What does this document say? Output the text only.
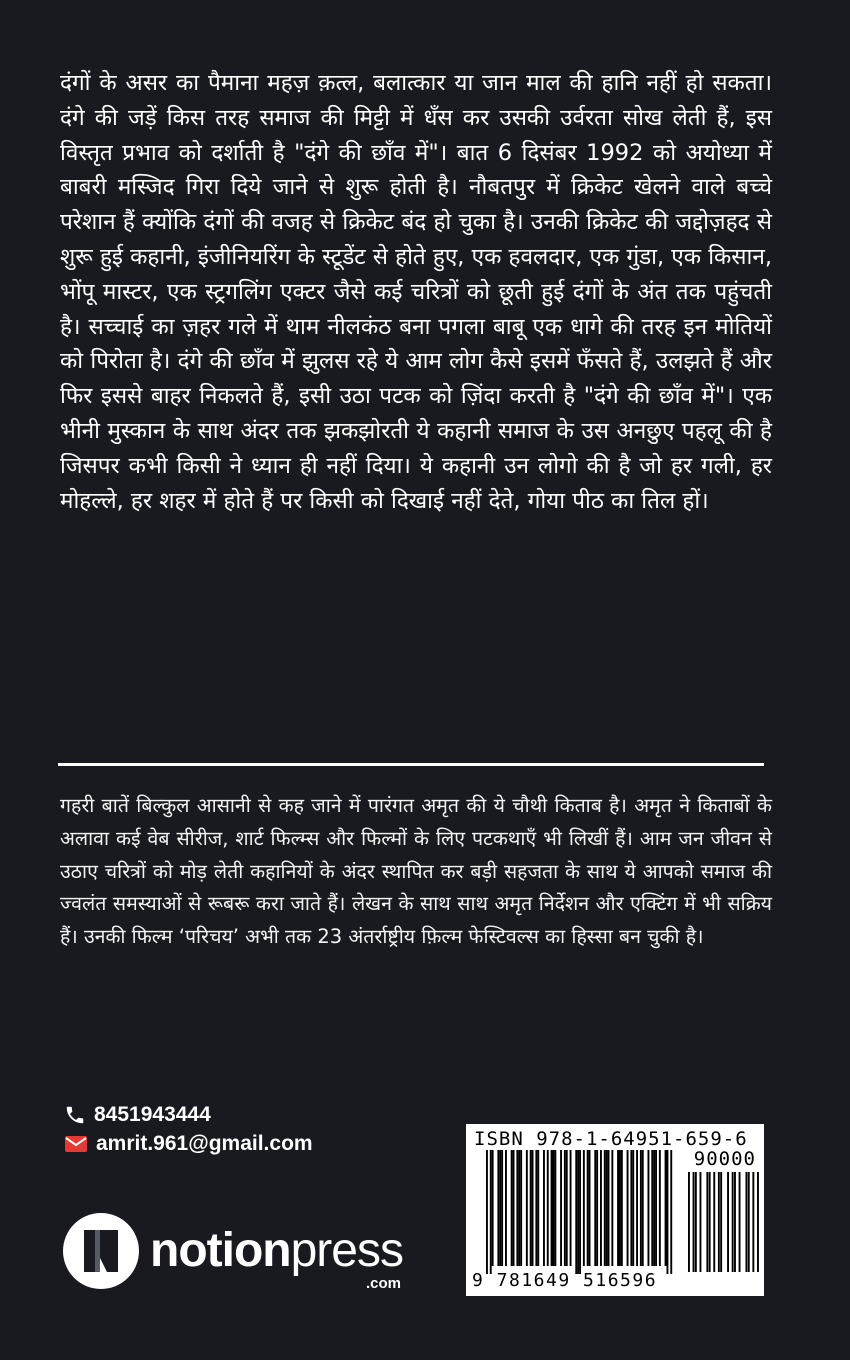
दंगों के असर का पैमाना महज़ क़त्ल, बलात्कार या जान माल की हानि नहीं हो सकता। दंगे की जड़ें किस तरह समाज की मिट्टी में धँस कर उसकी उर्वरता सोख लेती हैं, इस विस्तृत प्रभाव को दर्शाती है "दंगे की छाँव में"। बात 6 दिसंबर 1992 को अयोध्या में बाबरी मस्जिद गिरा दिये जाने से शुरू होती है। नौबतपुर में क्रिकेट खेलने वाले बच्चे परेशान हैं क्योंकि दंगों की वजह से क्रिकेट बंद हो चुका है। उनकी क्रिकेट की जद्दोज़हद से शुरू हुई कहानी, इंजीनियरिंग के स्टूडेंट से होते हुए, एक हवलदार, एक गुंडा, एक किसान, भोंपू मास्टर, एक स्ट्रगलिंग एक्टर जैसे कई चरित्रों को छूती हुई दंगों के अंत तक पहुंचती है। सच्चाई का ज़हर गले में थाम नीलकंठ बना पगला बाबू एक धागे की तरह इन मोतियों को पिरोता है। दंगे की छाँव में झुलस रहे ये आम लोग कैसे इसमें फँसते हैं, उलझते हैं और फिर इससे बाहर निकलते हैं, इसी उठा पटक को ज़िंदा करती है "दंगे की छाँव में"। एक भीनी मुस्कान के साथ अंदर तक झकझोरती ये कहानी समाज के उस अनछुए पहलू की है जिसपर कभी किसी ने ध्यान ही नहीं दिया। ये कहानी उन लोगो की है जो हर गली, हर मोहल्ले, हर शहर में होते हैं पर किसी को दिखाई नहीं देते, गोया पीठ का तिल हों।

गहरी बातें बिल्कुल आसानी से कह जाने में पारंगत अमृत की ये चौथी किताब है। अमृत ने किताबों के अलावा कई वेब सीरीज, शार्ट फिल्म्स और फिल्मों के लिए पटकथाएँ भी लिखीं हैं। आम जन जीवन से उठाए चरित्रों को मोड़ लेती कहानियों के अंदर स्थापित कर बड़ी सहजता के साथ ये आपको समाज की ज्वलंत समस्याओं से रूबरू करा जाते हैं। लेखन के साथ साथ अमृत निर्देशन और एक्टिंग में भी सक्रिय हैं। उनकी फिल्म ‘परिचय’ अभी तक 23 अंतर्राष्ट्रीय फ़िल्म फेस्टिवल्स का हिस्सा बन चुकी है।

8451943444
amrit.961@gmail.com
notionpress
.com
ISBN 978-1-64951-659-6
90000
9 781649 516596
